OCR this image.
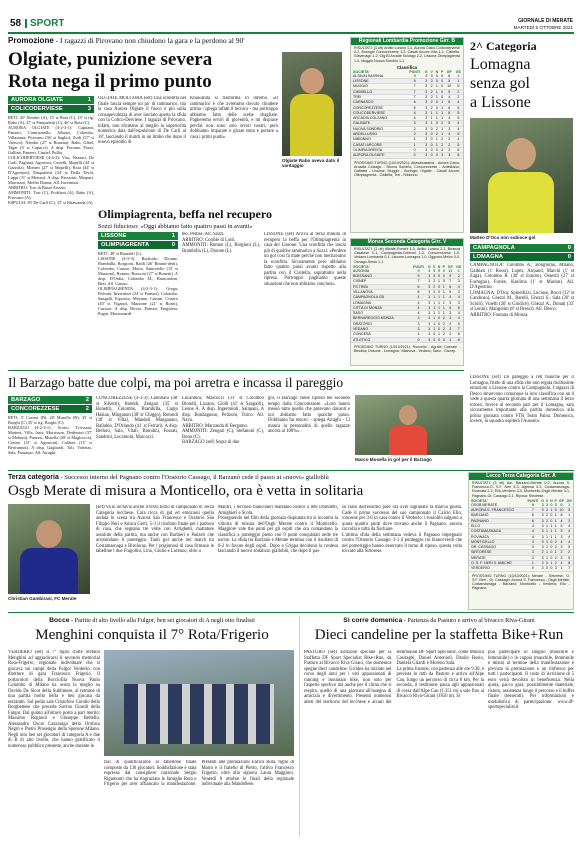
58 SPORT	GIORNALE DI MERATE
MARTEDÌ 5 OTTOBRE 2021
Promozione - I ragazzi di Pirovano non chiudono la gara e la perdono al 90'
Olgiate, punizione severa
Rota nega il primo punto
Olgiate Rabo aveva dato il vantaggio
AURORA OLGIATE	1
COLICODERVIESE	3
RETI: 20' Nembri (A), 15' st Rota (C), 19' st rig. Rabo (A), 27' st Pasqualetti (C), 46' st Rota (C).
AURORA OLGIATE (4-2-3-1): Capitani; Panzeri, Contraonello, Albano, Colombo, Villasanta; Pirovano (36' st Saglio), Zurli (37' st Varisco); Nembri (27' st Bonetta), Rabo, Gibel, Tagar (4' st Capucci). A disp. Fortuna, Pozzi, Gallina, Panzeri, Castiel, Pullio.
COLICODERVIESE (4-4-2): Viss, Nazzari, De Carli, Pagliani, Agostoni, Castelli, Mapelli (44' st Gazzola), Monteo (27' st Mapelli); Rota (44' st D'Agostino), Pasqualetti (44' st Della Teva), Luppi (11' st Meroni). A disp. Passerini, Maspari, Marcuzzo, Meffia Donna. All. Invernizzi.
ARBITRO: Tosi di Busto Arsizio.
AMMONITI: Tosi (C), Profilani (A), Rabo (A), Pirovano (A).
ESPULSI: 18' De Carli (C), 15' st Khawanda (A).
OLGIATE MOLGORA (sef) Una sconfitta nel finale lascia sempre un po' di rammarico, ma la casa Aurora Olgiate il fuoco è più sulla consapevolezza di aver lasciato aperta la sfida con la Colico-Derviese. I ragazzi di Pirovano, infatti, non sfruttano al meglio la superiorità numerica data dall'espulsione di De Carli al 18', lasciando il match in un limbo che dopo il nuovo episodio di
Khawanda si trasforma in inferno. «Il rammarico è che avremmo dovuto chiudere prima - spiega infatti il tecnico - ma purtroppo abbiamo fatto delle scelte sbagliate. Pagheremo errori di gioventù, e mi dispiace perché non sono solo errori nostri, però dobbiamo imparare e girare testa e portare a casa i primi punti».
Olimpiagrenta, beffa nel recupero
Sozzi fiducioso: «Oggi abbiamo fatto quattro passi in avanti»
LISSONE	1
OLIMPIAGRENTA	0
RETI: 48' st Biondell (L).
LISSONE (4-3-3): Rudicale; Dionne, Brambilla, Borgioni, Baldi (26' Rimini-detti), Colombo, Caruso, Motta, Santoriello (15' st Mazzoni), Romeo, Ronconi (27' st Bonetti). A disp. D'Ordia, Colombo M., Biancardini, Besi. All. Caruso.
OLIMPIAGRENTA (4-2-3-1): Grega; Pedratti, Invernizzi (24' st Panseri), Colombo, Sangalli, Esposito, Meyana, Cassini, Crisero (40' st Vigano), Mazzone (21' st Rozzi), Curiose. A disp. Brivio, Panseri, Freguiera, Pugni, Mastronardi-
teo, Pellise. All. Sozzi.
ARBITRO: Cordile di Lodi.
AMMONITI: Romeo (L), Borgioni (L), Brambilla (L), Dionne (L).
LISSONE (sef) Arriva al terzo minuto di recupero la beffa per l'Olimpiagrenta in casa del Lissone. Una sconfitta che lascia più di qualche rammarico a Sozzi: «Perdere un gol così fa male perché non meritavamo la sconfitta. Sicuramente però abbiamo fatto quattro passi avanti rispetto alla partita con il Cisitella, soprattutto nella ripresa. Purtroppo paghiamo queste situazioni che non abbiamo conclusi».
Regionali Lombardia Promozione Girr. B
RISULTATI: (3 ott) Ardito Lurano 1-2, Aurora Calco-Colicoderviese 2-2, Boringio Concorezzese 1-2, Casati Arcore-Villa 1-1, Cisitella-Giavenago 1-2, Olg Bi Arcade Sulzago 2-2, Lissone-Olimpiagrenta 1-0, Muggiò-Nuova Sondrio 1-1.
Classifica
SOCIETA'	PUNTI	G	V	N	P	GF	GS
ALTAVALSASSINA	9	3	3	0	0	6	1
LISSONE	9	3	3	0	0	5	1
MUGGIO	7	3	2	1	0	10	5
CIMISELLO	7	3	2	1	0	5	2
TREI	7	3	2	1	0	4	2
CARNASCO	6	3	2	0	1	6	4
CONCOREZZESE	6	3	2	0	1	6	5
COLICODERVIESE	4	3	1	1	1	6	5
ARCADIA COLZANO	4	3	1	1	1	4	5
GALBIATE	3	3	1	0	2	5	4
NUOVA SONDRIO	2	3	0	2	1	3	4
ARDELLUSSO	2	3	0	2	1	4	6
NIBIONNO	1	3	0	1	2	2	4
CASATI ARCORE	1	3	0	1	2	2	5
OLIMPIAGRENTA	0	3	0	0	3	2	6
AURORA OLGIATE	0	3	0	0	3	3	8
PROSSIMO TURNO (10/10/2021): Altavalsassina - Aurora Calco; Arcadia Colzago - Nuova Sondrio; Concorezzese - Ardellusso; Galbiate - Lissone; Muggiò - Boringio; Olgiate - Casati Arcore; Olimpiagrenta - Cisitella; Trei - Nibionno.
Monza Seconda Categoria Girr. V
RISULTATI: (3 ott) Albiate-Ronchi 1-0, Ardito Lurano 2-1, Brianza Casatese 0-1, Campagnola-Colleoni 1-2, Concorezzese 1-0, Vedano Lombarda 0-1, Lissone-Lomagna 1-0, Oggiono-Melzo 0-0, Osnago-Sesto 1-1.
SOCIETA'	PUNTI	G	V	N	P	GF	GS
AUSONIA	9	3	3	0	0	11	1
BOISSANO	9	3	3	0	0	9	2
CISNEP	7	3	2	1	0	7	3
FS TRIBI	6	3	2	0	1	6	4
VILLANOVA	6	3	2	0	1	5	3
CAMPAGNOLA CB	4	3	1	1	1	4	4
LOMAGNA	4	3	1	1	1	3	3
CITTÀ DI MONZA	4	3	1	1	1	5	6
SASO	4	3	1	1	1	3	4
BERNAREGGIO MONZA	3	3	1	0	2	3	4
ORATORIO	3	3	1	0	2	2	5
VEDANO	3	3	1	0	2	3	7
CONCESA	1	3	0	1	2	2	6
ATLETICO	0	3	0	0	3	1	8
PROSSIMO TURNO (10/10/2021): Roncello - Agrate; Carnate - Besana; Lissone - Lomagna; Villanova - Vedano; Saso - Cisnep.
2^ Categoria
Lomagna
senza gol
a Lissone
Matteo D'Oca non subisce gol
CAMPAGNOLA	0
LOMAGNA	0
CAMPAGNOLA: Colombo A.; Bongiorno, Milano, Galbiati (1' Rossi), Lopez, Airpand, Marchi (1' st Zaga), Colombo R. (30' st Esnotu), Ossetrii (27' st Fortugno), Furiee, Kaslima (1' st Marion). All. D'Agostino.
LOMAGNA: D'Oca; Spinellizzi, Luciuse, Bucci (12' st Candioso), Ghezzi M., Barelli, Ghezzi S., Sala (20' st Scioli), Vinelli (30' st Giudice), Ghezzi A., Donati (33' st Lenni). Mangolini (8' st Bresci). All. Desco.
ARBITRO: Fontana di Monza.
LISSONE (sef) Un pareggio a reti bianche per il Lomagna, frutto di una sfida che non regala moltissime emozioni a Lissone contro la Campagnola. I ragazzi di Desco smuovono comunque la loro classifica con un 0 vede a questa quarta giornata di una settimana il terzo torneo. Invece al secondo pari per il Lomagna, sarà sicuramente importante alla partita domenica alla prima giornata contro FTR Team Paina. Domenica, invece, la squadra ospiterà l'Ausonia.
Il Barzago batte due colpi, ma poi arretra e incassa il pareggio
BARZAGO	2
CONCOREZZESE	2
RETI: 5' Cortesi (B), 20' Musella (B); 35' st Borghi (C) 45' st rig. Borghi (C).
BARZAGO (4-2-3-1): Scotto, Trivisani, Mattera, Villa, Isais, Morrisson, Dedessini (37' st Molteni), Panzeri, Musella (28' st Magliocca), Cortesi (31' st Agostoni), Caldoni (15' st Bertramini). A disp. Gagliardi, Toli, Valerias, Sala, Passarpo. All. Airaghi.
CONCOREZZESE (4-3-3): Centolani (48' st Silvetti), Boeddi, Zengari (35' st Bonetti), Colombo, Brambilla, Cargo Hasian, Minganon (38' st Ghiggo), Rotondi (38' st Villa), Mandeli Manganani, Ballabio, D'Orlando (41' st Ferrari). A disp. Belloni, Saio, Vitali, Biondini, Fossati, Sandrini, Lucantoni, Marcucci.
Lucantoni, Marcucci (31' st Colombo Biondi), Lozano, Giolli (41' st Sangalli), Leone A. A disp. Ingeronioli, Salapani, A disp. Bondagusso, Pelizoni, Turco. All. Nava.
ARBITRO: Marzanda di Bergamo.
AMMONITI: Zengari (C), Stefanoni (C), Bono (C).
BARZAGO (sef) Sopra di due
gol, il Barzago viene ripreso nel secondo tempo dalla Concorezzese. «Loro hanno messo tutto quello che potevano davanti e noi abbiamo fatto qualche passo. Dobbiamo far tesoro: - spiega Airaghi - Ci manca la personalità di quelle ragazze ancora al 100%».
Marco Musella in gol per il Barzago
Terza categoria - Successo interno del Pagnano contro l'Oratorio Cassago, il Barzanò cede il passo ai «nuovi» gialloblù
Osgb Merate di misura a Monticello, ora è vetta in solitaria
Christian Gambirasi, FC Merate
(sef) Va in archivio anche il terzo turno di campionato in Terza Categoria lecchese. Cara ricca di gol ed emozioni quella andata in scena tra Aurora San Francesco e Oratorio San Filippo Neri e Amica Gerri, 5-3 il risultato finale per i padroni di casa, che segnano tre volte con Arrighetti, mattatore assoluto della partita, ma anche con Barbieri e Panzeri che arrotondano il punteggio. Tanti gol anche nel match tra Costamasnaga e Biroloraa. Per i prigionosi di casa firmano le tabelline i due Fragolini, Lino, Giulio e Lorenzo, oltre a
Manfri, i lecchesi bianconeri mandano invece a rete Domnetti, Amighieri e Scola.
Proseguendo nel film della giornata dispiutata tra si incontra la vittoria di misura dell'Osgb Merate contro il Monticello. Maggiore vale the punti per gli ospiti che ora comandano la classifica a punteggio pieno con 9 punti conquistati nelle tre uscite. La sfida tra Barzanò e Merate termina con il risultato di 0-2 in favore degli ospiti. Dopo e Crippa decidono la contesa lasciando il nuovo sodalizio gialloblù, che dopo il pas-
so falso dell'esordio pare ora aver ingranato la marcia giusta. Cade il primo successo del suo campionato il Calcio Ello, vincente per 3-0 in casa contro il Verderio: i rossoblù salgono a quota quattro punti dove trovano anche il Pagnano, ancora raccolta e tutta da fischiare.
L'ultima sfida della settimana vedeva il Pagnano impegnato contro l'Oratorio Cassago. 2-1 il punteggio coi biancoverdi che nel pomeriggio hanno osservato il turno di riposo, questa volta toccato alla Sirtorese.
Lecco Terza Categoria Girr. A
RISULTATI: (3 ott) Aur. Barzanò-Merate 0-2, Aurora S. Francesco-O. S.F. Neri 5-3, Agnesa 0-3, Costamasnaga-Rovinata 2-2, Ello-Verderio 3-0, Monticello-Osgb Merate 0-1, Pagnano-Or. Cassago 2-1. Riposa: Sirtorese.
SOCIETA'	PUNTI	G	V	N	P	GF	GS
OSGB MERATE	9	3	3	0	0	6	1
AURORA S. FRANCESCO	7	3	2	1	0	10	5
BARZANÒ	6	3	2	0	1	6	1
PAGNANO	6	3	2	0	1	4	3
ELLO	4	3	1	1	1	5	4
COSTAMASNAGA	4	3	1	1	1	5	4
ROVINATA	4	3	1	1	1	3	4
MONTICELLO	3	3	1	0	2	4	4
OR. CASSAGO	3	3	1	0	2	3	5
SIRTORESE	3	2	1	0	1	2	2
MERATE	3	3	1	0	2	3	5
O. S. F. NERI S. AMICHE	1	3	0	1	2	4	8
VERDERIO	0	3	0	0	3	1	7
PROSSIMO TURNO (10/10/2021): Merate - Sirtorese, O. S.F. Neri - Or. Cassago; Aurora S. Francesco - Osgb Merate; Costamasnaga - Barzanò; Monticello - Verderio; Ello - Pagnano.
Bocce - Partite di alto livello alla Fulgor, ben sei giocatori di A negli otto finalisti
Menghini conquista il 7° Rota/Frigerio
VERDERIO (sef) Il 7° figlio d'arte Stefano Menghini ad aggiudicarsi il secondo memorial Rota-Frigerio, regionale individuale che si giocava sui campi della Fulgor Verderio, con direttore di gara Francesco Frigerio. Il portacolori della Bocciofila Nuova Paolo Colombo di Milano ha avuto la meglio su Davide De Sicot della Sublimese, al termine di una partita molto bella e ben giocata da entrambi. Sul podio sale Cristoforo Corallo della Borghettese che precede Savino Girardi della Fulgor. Dal quinto all'ottavo posto a pari merito: Massimo Rognoni e Giuseppe Bertello. Alessandro Oscar Cazzaniga della Orobica Negro e Pietro Prosengio della Sperone Milano. Negli otto ben sei giocatori di categoria A e due di B di alto livello, che hanno gratificato il numeroso pubblico presente, anche durante le
fasi di qualificazione al tabellone finale composto da 136 giocatori. Soddisfazione è stata espressa dal consigliere nazionale Sergio Rigamonti che ha ringraziato le famiglie Rota e Frigerio per aver affiancato la manifestazione. Presenti alle premiazioni Enrico Rota, figlio di Mario e il fratello di Pietro, l'attivo Francesco Frigerio, oltre alla signora Laura Maggioni. Venerdì 8 ottobre le finali della regionale individuale alla Mandellese.
Si corre domenica - Partenza da Pasturo e arrivo al bivacco Riva-Girani
Dieci candeline per la staffetta Bike+Run
PASTURO (sef) Edizione speciale per la Staffetta DF Sport Specialist Bike+Run, da Pasturo al Bivacco Riva Girani, che domenica spegne dieci candeline. Un'idea ha iniziato nel corso degli anni per i veri appassionati di running e mountain bike, non solo per l'aspetto sportivo ma anche per il clima che si respira, quello di una giornata all'insegna di amicizia e divertimento. Presenti numerosi atleti del territorio del lecchese e alcuni dei testimonial DF Sport Specialist, come Monica Casiraghi, Daniel Antonioli, Danilo Bosio, Daniela Gilardi e Moreno Sala.
La prima fusione, con partenza alle ore 9.30, è prevista in mtb da Pasturo e arrivo all'Alpe Cau, lungo un percorso di circa 8 km. Per la seconda, il testimone passa agli appassionati di corsa dall'Alpe Cau (1.351 m) a sale fino al Bivacco Riva-Girani (1850 m). Si
può partecipare in singolo (maschile e femminile) o in coppia (maschile, femminile e mista) al termine della manifestazione è prevista la premiazione e un rinfresco per tutti i partecipanti. Il costo di iscrizione di 5 euro verrà devoluto in beneficenza. Nella quota, pacco gara, possibilmente materiale, ristoro, assistenza lungo il percorso e il buffet finale (tesserati). Per informazioni e modulistica di partecipazione: www.df-sportspecialist.it
